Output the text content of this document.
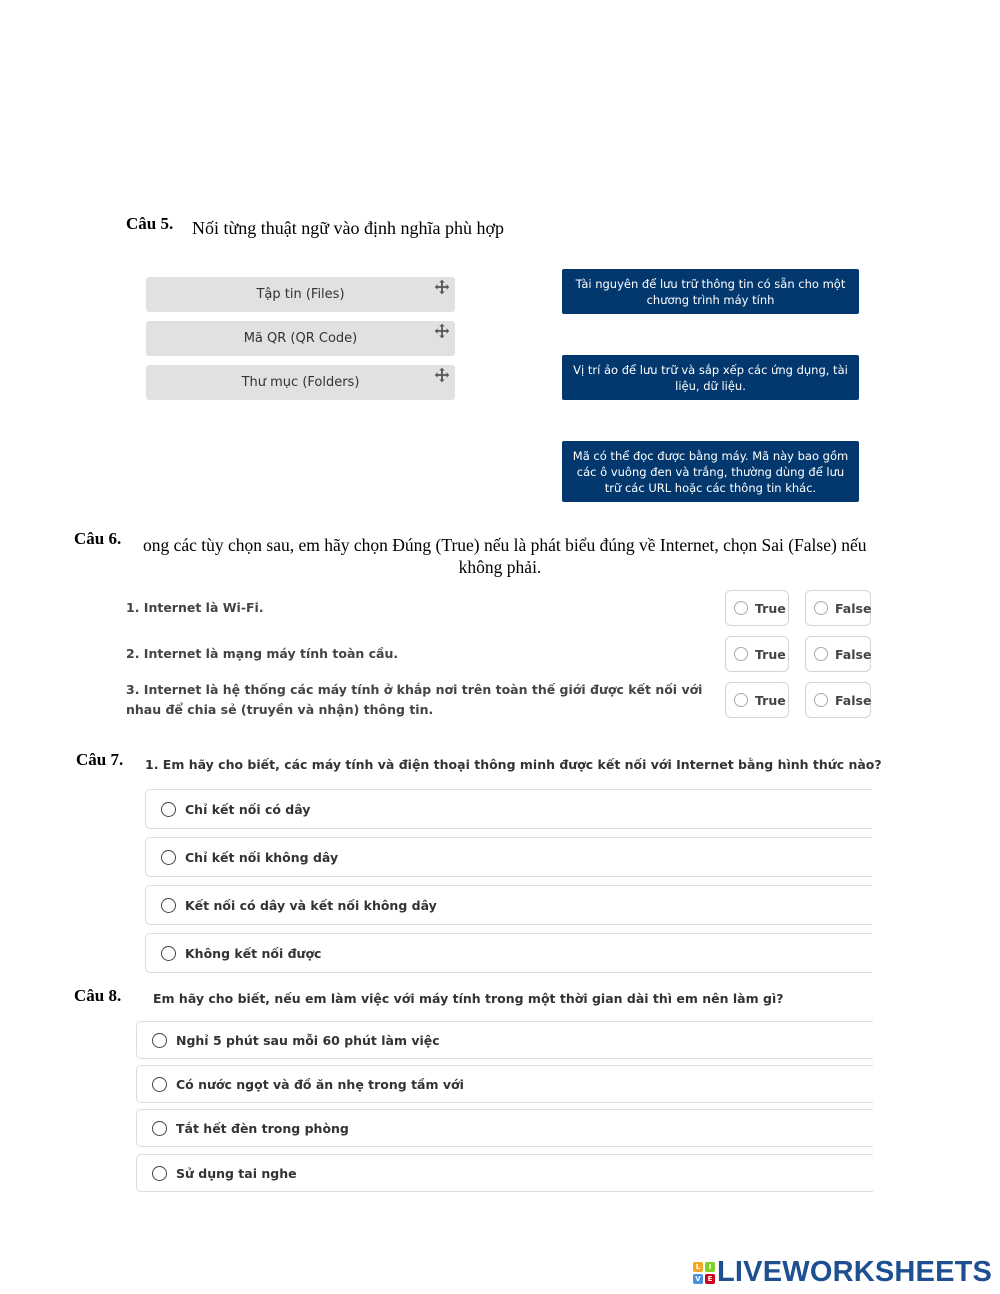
Câu 5. Nối từng thuật ngữ vào định nghĩa phù hợp
Tập tin (Files)
Mã QR (QR Code)
Thư mục (Folders)
Tài nguyên để lưu trữ thông tin có sẵn cho một chương trình máy tính
Vị trí ảo để lưu trữ và sắp xếp các ứng dụng, tài liệu, dữ liệu.
Mã có thể đọc được bằng máy. Mã này bao gồm các ô vuông đen và trắng, thường dùng để lưu trữ các URL hoặc các thông tin khác.
Câu 6. ong các tùy chọn sau, em hãy chọn Đúng (True) nếu là phát biểu đúng về Internet, chọn Sai (False) nếu
không phải.
1. Internet là Wi-Fi.
2. Internet là mạng máy tính toàn cầu.
3. Internet là hệ thống các máy tính ở khắp nơi trên toàn thế giới được kết nối với nhau để chia sẻ (truyền và nhận) thông tin.
True	False
True	False
True	False
Câu 7. 1. Em hãy cho biết, các máy tính và điện thoại thông minh được kết nối với Internet bằng hình thức nào?
Chỉ kết nối có dây
Chỉ kết nối không dây
Kết nối có dây và kết nối không dây
Không kết nối được
Câu 8.	Em hãy cho biết, nếu em làm việc với máy tính trong một thời gian dài thì em nên làm gì?
Nghỉ 5 phút sau mỗi 60 phút làm việc
Có nước ngọt và đồ ăn nhẹ trong tầm với
Tắt hết đèn trong phòng
Sử dụng tai nghe
L	I
V E LIVEWORKSHEETS
